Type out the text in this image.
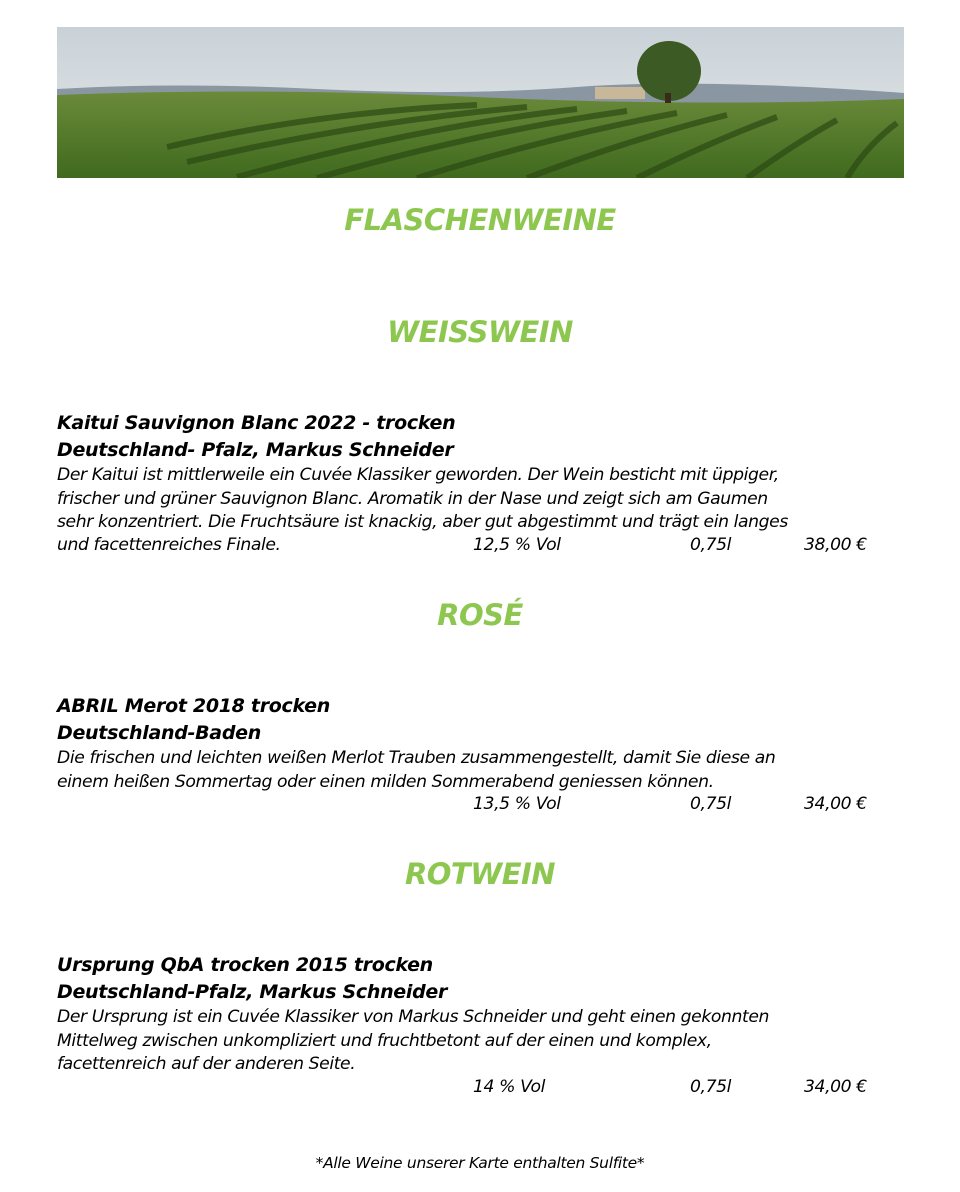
FLASCHENWEINE
WEISSWEIN
Kaitui Sauvignon Blanc 2022 - trocken
Deutschland- Pfalz, Markus Schneider
Der Kaitui ist mittlerweile ein Cuvée Klassiker geworden. Der Wein besticht mit üppiger,
frischer und grüner Sauvignon Blanc. Aromatik in der Nase und zeigt sich am Gaumen
sehr konzentriert. Die Fruchtsäure ist knackig, aber gut abgestimmt und trägt ein langes
und facettenreiches Finale.	12,5 % Vol	0,75l	38,00 €
ROSÉ
ABRIL Merot 2018 trocken
Deutschland-Baden
Die frischen und leichten weißen Merlot Trauben zusammengestellt, damit Sie diese an
einem heißen Sommertag oder einen milden Sommerabend geniessen können.
13,5 % Vol	0,75l	34,00 €
ROTWEIN
Ursprung QbA trocken 2015 trocken
Deutschland-Pfalz, Markus Schneider
Der Ursprung ist ein Cuvée Klassiker von Markus Schneider und geht einen gekonnten
Mittelweg zwischen unkompliziert und fruchtbetont auf der einen und komplex,
facettenreich auf der anderen Seite.
14 % Vol	0,75l	34,00 €
*Alle Weine unserer Karte enthalten Sulfite*
